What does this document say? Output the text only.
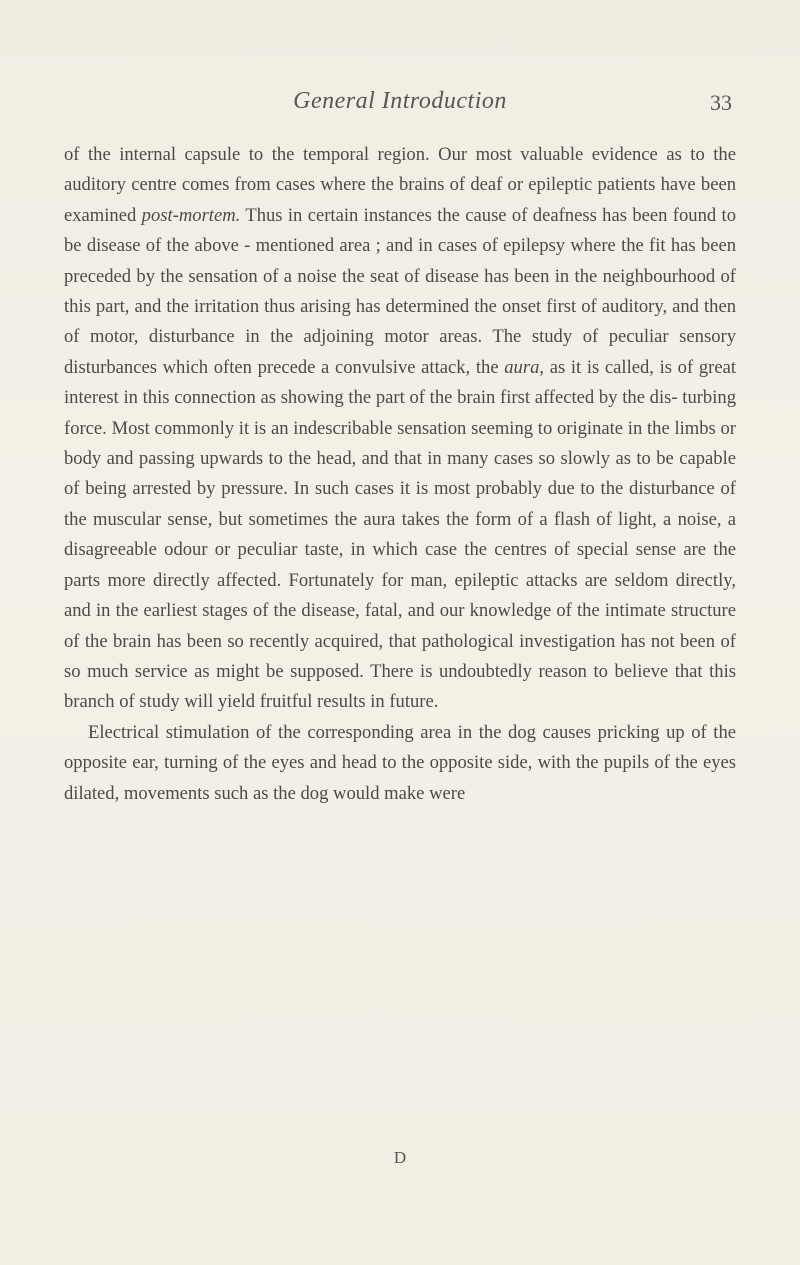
General Introduction	33

of the internal capsule to the temporal region. Our most valuable evidence as to the auditory centre comes from cases where the brains of deaf or epileptic patients have been examined post-mortem. Thus in certain instances the cause of deafness has been found to be disease of the above - mentioned area ; and in cases of epilepsy where the fit has been preceded by the sensation of a noise the seat of disease has been in the neighbourhood of this part, and the irritation thus arising has determined the onset first of auditory, and then of motor, disturbance in the adjoining motor areas. The study of peculiar sensory disturbances which often precede a convulsive attack, the aura, as it is called, is of great interest in this connection as showing the part of the brain first affected by the dis- turbing force. Most commonly it is an indescribable sensation seeming to originate in the limbs or body and passing upwards to the head, and that in many cases so slowly as to be capable of being arrested by pressure. In such cases it is most probably due to the disturbance of the muscular sense, but sometimes the aura takes the form of a flash of light, a noise, a disagreeable odour or peculiar taste, in which case the centres of special sense are the parts more directly affected. Fortunately for man, epileptic attacks are seldom directly, and in the earliest stages of the disease, fatal, and our knowledge of the intimate structure of the brain has been so recently acquired, that pathological investigation has not been of so much service as might be supposed. There is undoubtedly reason to believe that this branch of study will yield fruitful results in future.

Electrical stimulation of the corresponding area in the dog causes pricking up of the opposite ear, turning of the eyes and head to the opposite side, with the pupils of the eyes dilated, movements such as the dog would make were

D
